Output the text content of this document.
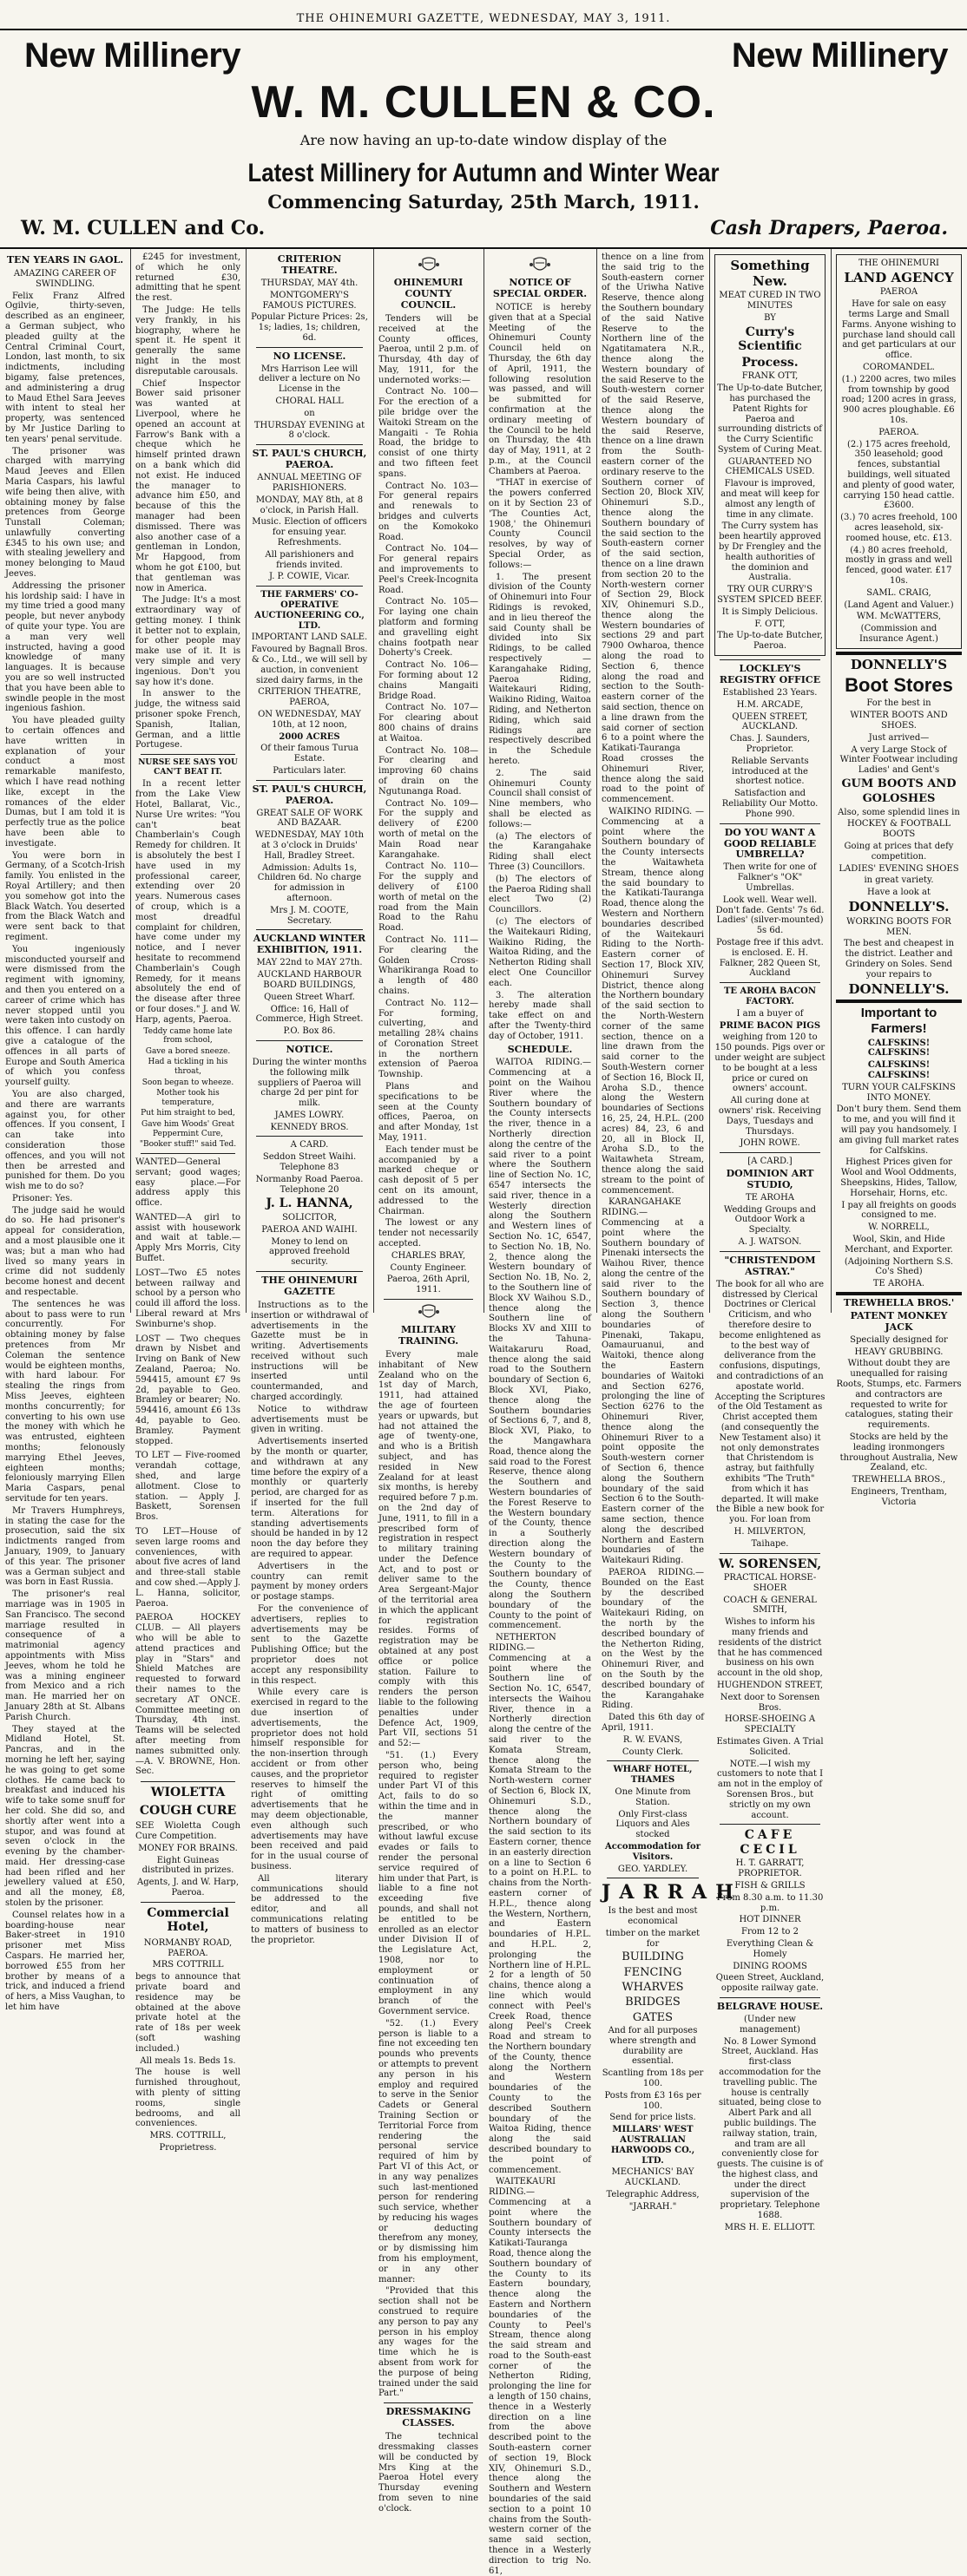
THE OHINEMURI GAZETTE, WEDNESDAY, MAY 3, 1911.
New Millinery	New Millinery
W. M. CULLEN & CO.
Are now having an up-to-date window display of the
Latest Millinery for Autumn and Winter Wear
Commencing Saturday, 25th March, 1911.
W. M. CULLEN and Co.	Cash Drapers, Paeroa.
TEN YEARS IN GAOL.
AMAZING CAREER OF SWINDLING.
Felix Franz Alfred Ogilvie, thirty-seven, described as an engineer, a German subject, who pleaded guilty at the Central Criminal Court, London, last month, to six indictments, including bigamy, false pretences, and administering a drug to Maud Ethel Sara Jeeves with intent to steal her property, was sentenced by Mr Justice Darling to ten years' penal servitude.
The prisoner was charged with marrying Maud Jeeves and Ellen Maria Caspars, his lawful wife being then alive, with obtaining money by false pretences from George Tunstall Coleman; unlawfully converting £345 to his own use; and with stealing jewellery and money belonging to Maud Jeeves.
Addressing the prisoner his lordship said: I have in my time tried a good many people, but never anybody of quite your type. You are a man very well instructed, having a good knowledge of many languages. It is because you are so well instructed that you have been able to swindle people in the most ingenious fashion.
You have pleaded guilty to certain offences and have written in explanation of your conduct a most remarkable manifesto, which I have read nothing like, except in the romances of the elder Dumas, but I am told it is perfectly true as the police have been able to investigate.
You were born in Germany, of a Scotch-Irish family. You enlisted in the Royal Artillery; and then you somehow got into the Black Watch. You deserted from the Black Watch and were sent back to that regiment.
You ingeniously misconducted yourself and were dismissed from the regiment with ignominy, and then you entered on a career of crime which has never stopped until you were taken into custody on this offence. I can hardly give a catalogue of the offences in all parts of Europe and South America of which you confess yourself guilty.
You are also charged, and there are warrants against you, for other offences. If you consent, I can take into consideration those offences, and you will not then be arrested and punished for them. Do you wish me to do so?
Prisoner: Yes.
The judge said he would do so. He had prisoner's appeal for consideration, and a most plausible one it was; but a man who had lived so many years in crime did not suddenly become honest and decent and respectable.
The sentences he was about to pass were to run concurrently. For obtaining money by false pretences from Mr Coleman the sentence would be eighteen months, with hard labour. For stealing the rings from Miss Jeeves, eighteen months concurrently; for converting to his own use the money with which he was entrusted, eighteen months; felonously marrying Ethel Jeeves, eighteen months; feloniously marrying Ellen Maria Caspars, penal servitude for ten years.
Mr Travers Humphreys, in stating the case for the prosecution, said the six indictments ranged from January, 1909, to January of this year. The prisoner was a German subject and was born in East Russia.
The prisoner's real marriage was in 1905 in San Francisco. The second marriage resulted in consequence of a matrimonial agency appointments with Miss Jeeves, whom he told he was a mining engineer from Mexico and a rich man. He married her on January 28th at St. Albans Parish Church.
They stayed at the Midland Hotel, St. Pancras, and in the morning he left her, saying he was going to get some clothes. He came back to breakfast and induced his wife to take some snuff for her cold. She did so, and shortly after went into a stupor, and was found at seven o'clock in the evening by the chamber-maid. Her dressing-case had been rifled and her jewellery valued at £50, and all the money, £8, stolen by the prisoner.
Counsel relates how in a boarding-house near Baker-street in 1910 prisoner met Miss Caspars. He married her, borrowed £55 from her brother by means of a trick, and induced a friend of hers, a Miss Vaughan, to let him have
£245 for investment, of which he only returned £30, admitting that he spent the rest.
The Judge: He tells very frankly, in his biography, where he spent it. He spent it generally the same night in the most disreputable carousals.
Chief Inspector Bower said prisoner was wanted at Liverpool, where he opened an account at Farrow's Bank with a cheque which he himself printed drawn on a bank which did not exist. He induced the manager to advance him £50, and because of this the manager had been dismissed. There was also another case of a gentleman in London, Mr Hapgood, from whom he got £100, but that gentleman was now in America.
The Judge: It's a most extraordinary way of getting money. I think it better not to explain, for other people may make use of it. It is very simple and very ingenious. Don't you say how it's done.
In answer to the judge, the witness said prisoner spoke French, Spanish, Italian, German, and a little Portugese.
NURSE SEE SAYS YOU CAN'T BEAT IT.
In a recent letter from the Lake View Hotel, Ballarat, Vic., Nurse Ure writes: "You can't beat Chamberlain's Cough Remedy for children. It is absolutely the best I have used in my professional career, extending over 20 years. Numerous cases of croup, which is a most dreadful complaint for children, have come under my notice, and I never hesitate to recommend Chamberlain's Cough Remedy, for it means absolutely the end of the disease after three or four doses." J. and W. Harp, agents, Paeroa.
Teddy came home late from school,
Gave a bored sneeze.
Had a tickling in his throat,
Soon began to wheeze.
Mother took his temperature,
Put him straight to bed,
Gave him Woods' Great Peppermint Cure,
"Booker stuff!" said Ted.
WANTED—General servant; good wages; easy place.—For address apply this office.
WANTED—A girl to assist with housework and wait at table.—Apply Mrs Morris, City Buffet.
LOST—Two £5 notes between railway and school by a person who could ill afford the loss. Liberal reward at Mrs Swinburne's shop.
LOST — Two cheques drawn by Nisbet and Irving on Bank of New Zealand, Paeroa; No. 594415, amount £7 9s 2d, payable to Geo. Bramley or bearer; No. 594416, amount £6 13s 4d, payable to Geo. Bramley. Payment stopped.
TO LET — Five-roomed verandah cottage, shed, and large allotment. Close to station. — Apply J. Baskett, Sorensen Bros.
TO LET—House of seven large rooms and conveniences, with about five acres of land and three-stall stable and cow shed.—Apply J. L. Hanna, solicitor, Paeroa.
PAEROA HOCKEY CLUB. — All players who will be able to attend practices and play in "Stars" and Shield Matches are requested to forward their names to the secretary AT ONCE. Committee meeting on Thursday, 4th inst. Teams will be selected after meeting from names submitted only.—A. V. BROWNE, Hon. Sec.
WIOLETTA
COUGH CURE
SEE Wioletta Cough Cure Competition.
MONEY FOR BRAINS.
Eight Guineas distributed in prizes.
Agents, J. and W. Harp, Paeroa.
Commercial Hotel,
NORMANBY ROAD, PAEROA.
MRS COTTRILL
begs to announce that private board and residence may be obtained at the above private hotel at the rate of 18s per week (soft washing included.)
All meals 1s. Beds 1s.
The house is well furnished throughout, with plenty of sitting rooms, single bedrooms, and all conveniences.
MRS. COTTRILL,
Proprietress.
CRITERION THEATRE.
THURSDAY, MAY 4th.
MONTGOMERY'S FAMOUS PICTURES.
Popular Picture Prices: 2s, 1s; ladies, 1s; children, 6d.
NO LICENSE.
Mrs Harrison Lee will deliver a lecture on No License in the
CHORAL HALL
on
THURSDAY EVENING at 8 o'clock.
ST. PAUL'S CHURCH, PAEROA.
ANNUAL MEETING OF PARISHIONERS.
MONDAY, MAY 8th, at 8 o'clock, in Parish Hall.
Music. Election of officers for ensuing year. Refreshments.
All parishioners and friends invited.
J. P. COWIE, Vicar.
THE FARMERS' CO-OPERATIVE AUCTIONEERING CO., LTD.
IMPORTANT LAND SALE.
Favoured by Bagnall Bros. & Co., Ltd., we will sell by auction, in convenient sized dairy farms, in the
CRITERION THEATRE, PAEROA,
ON WEDNESDAY, MAY 10th, at 12 noon,
2000 ACRES
Of their famous Turua Estate.
Particulars later.
ST. PAUL'S CHURCH, PAEROA.
GREAT SALE OF WORK AND BAZAAR.
WEDNESDAY, MAY 10th at 3 o'clock in Druids' Hall, Bradley Street.
Admission: Adults 1s, Children 6d. No charge for admission in afternoon.
Mrs J. M. COOTE, Secretary.
AUCKLAND WINTER EXHIBITION, 1911.
MAY 22nd to MAY 27th.
AUCKLAND HARBOUR BOARD BUILDINGS,
Queen Street Wharf.
Office: 16, Hall of Commerce, High Street.
P.O. Box 86.
NOTICE.
During the winter months the following milk suppliers of Paeroa will charge 2d per pint for milk.
JAMES LOWRY.
KENNEDY BROS.
A CARD.
Seddon Street Waihi. Telephone 83
Normanby Road Paeroa. Telephone 20
J. L. HANNA,
SOLICITOR,
PAEROA AND WAIHI.
Money to lend on approved freehold security.
THE OHINEMURI GAZETTE
Instructions as to the insertion or withdrawal of advertisements in the Gazette must be in writing. Advertisements received without such instructions will be inserted until countermanded, and charged accordingly.
Notice to withdraw advertisements must be given in writing.
Advertisements inserted by the month or quarter, and withdrawn at any time before the expiry of a monthly or quarterly period, are charged for as if inserted for the full term. Alterations for standing advertisements should be handed in by 12 noon the day before they are required to appear.
Advertisers in the country can remit payment by money orders or postage stamps.
For the convenience of advertisers, replies to advertisements may be sent to the Gazette Publishing Office; but the proprietor does not accept any responsibility in this respect.
While every care is exercised in regard to the due insertion of advertisements, the proprietor does not hold himself responsible for the non-insertion through accident or from other causes, and the proprietor reserves to himself the right of omitting advertisements that he may deem objectionable, even although such advertisements may have been received and paid for in the usual course of business.
All literary communications should be addressed to the editor, and all communications relating to matters of business to the proprietor.
OHINEMURI COUNTY COUNCIL.
Tenders will be received at the County offices, Paeroa, until 2 p.m. of Thursday, 4th day of May, 1911, for the undernoted works:—
Contract No. 100—For the erection of a pile bridge over the Waitoki Stream on the Mangaiti - Te Rohia Road, the bridge to consist of one thirty and two fifteen feet spans.
Contract No. 103—For general repairs and renewals to bridges and culverts on the Komokoko Road.
Contract No. 104—For general repairs and improvements to Peel's Creek-Incognita Road.
Contract No. 105—For laying one chain platform and forming and gravelling eight chains footpath near Doherty's Creek.
Contract No. 106—For forming about 12 chains Mangaiti Bridge Road.
Contract No. 107—For clearing about 800 chains of drains at Waitoa.
Contract No. 108—For clearing and improving 60 chains of drain on the Ngutunanga Road.
Contract No. 109—For the supply and delivery of £200 worth of metal on the Main Road near Karangahake.
Contract No. 110—For the supply and delivery of £100 worth of metal on the road from the Main Road to the Rahu Road.
Contract No. 111—For clearing the Golden Cross-Wharikiranga Road to a length of 480 chains.
Contract No. 112—For forming, culverting, and metalling 28¾ chains of Coronation Street in the northern extension of Paeroa Township.
Plans and specifications to be seen at the County offices, Paeroa, on and after Monday, 1st May, 1911.
Each tender must be accompanied by a marked cheque or cash deposit of 5 per cent on its amount, addressed to the Chairman.
The lowest or any tender not necessarily accepted.
CHARLES BRAY,
County Engineer.
Paeroa, 26th April, 1911.
MILITARY TRAINING.
Every male inhabitant of New Zealand who on the 1st day of March, 1911, had attained the age of fourteen years or upwards, but had not attained the age of twenty-one, and who is a British subject, and has resided in New Zealand for at least six months, is hereby required before 7 p.m. on the 2nd day of June, 1911, to fill in a prescribed form of registration in respect to military training under the Defence Act, and to post or deliver same to the Area Sergeant-Major of the territorial area in which the applicant for registration resides. Forms of registration may be obtained at any post office or police station. Failure to comply with this renders the person liable to the following penalties under Defence Act, 1909, Part VII, sections 51 and 52:—
"51. (1.) Every person who, being required to register under Part VI of this Act, fails to do so within the time and in the manner prescribed, or who without lawful excuse evades or fails to render the personal service required of him under that Part, is liable to a fine not exceeding five pounds, and shall not be entitled to be enrolled as an elector under Division II of the Legislature Act, 1908, nor to employment or continuation of employment in any branch of the Government service.
"52. (1.) Every person is liable to a fine not exceeding ten pounds who prevents or attempts to prevent any person in his employ and required to serve in the Senior Cadets or General Training Section or Territorial Force from rendering the personal service required of him by Part VI of this Act, or in any way penalizes such last-mentioned person for rendering such service, whether by reducing his wages or deducting therefrom any money, or by dismissing him from his employment, or in any other manner:
"Provided that this section shall not be construed to require any person to pay any person in his employ any wages for the time which he is absent from work for the purpose of being trained under the said Part."
DRESSMAKING CLASSES.
The technical dressmaking classes will be conducted by Mrs King at the Paeroa Hotel every Thursday evening from seven to nine o'clock.
NOTICE OF SPECIAL ORDER.
NOTICE is hereby given that at a Special Meeting of the Ohinemuri County Council held on Thursday, the 6th day of April, 1911, the following resolution was passed, and will be submitted for confirmation at the ordinary meeting of the Council to be held on Thursday, the 4th day of May, 1911, at 2 p.m., at the Council Chambers at Paeroa.
"THAT in exercise of the powers conferred on it by Section 23 of 'The Counties Act, 1908,' the Ohinemuri County Council resolves, by way of Special Order, as follows:—
1. The present division of the County of Ohinemuri into Four Ridings is revoked, and in lieu thereof the said County shall be divided into Six Ridings, to be called respectively — Karangahake Riding, Paeroa Riding, Waitekauri Riding, Waikino Riding, Waitoa Riding, and Netherton Riding, which said Ridings are respectively described in the Schedule hereto.
2. The said Ohinemuri County Council shall consist of Nine members, who shall be elected as follows:—
(a) The electors of the Karangahake Riding shall elect Three (3) Councillors.
(b) The electors of the Paeroa Riding shall elect Two (2) Councillors.
(c) The electors of the Waitekauri Riding, Waikino Riding, the Waitoa Riding, and the Netherton Riding shall elect One Councillor each.
3. The alteration hereby made shall take effect on and after the Twenty-third day of October, 1911.
SCHEDULE.
WAITOA RIDING.—Commencing at a point on the Waihou River where the Southern boundary of the County intersects the river, thence in a Northerly direction along the centre of the said river to a point where the Southern line of Section No. 1C, 6547 intersects the said river, thence in a Westerly direction along the Southern and Western lines of Section No. 1C, 6547, to Section No. 1B, No. 2, thence along the Western boundary of Section No. 1B, No. 2, to the Southern line of Block XV Waihou S.D., thence along the Southern line of Blocks XV and XIII to the Tahuna-Waitakaruru Road, thence along the said road to the Southern boundary of Section 6, Block XVI, Piako, thence along the Southern boundaries of Sections 6, 7, and 8, Block XVI, Piako, to the Mangawhara Road, thence along the said road to the Forest Reserve, thence along the Southern and Western boundaries of the Forest Reserve to the Western boundary of the County, thence in a Southerly direction along the Western boundary of the County to the Southern boundary of the County, thence along the Southern boundary of the County to the point of commencement.
NETHERTON RIDING.—Commencing at a point where the Southern line of Section No. 1C, 6547, intersects the Waihou River, thence in a Northerly direction along the centre of the said river to the Komata Stream, thence along the Komata Stream to the North-western corner of Section 6, Block IX, Ohinemuri S.D., thence along the Northern boundary of the said section to its Eastern corner, thence in an easterly direction on a line to Section 6 to a point on H.P.L. to chains from the North-eastern corner of H.P.L., thence along the Western, Northern, and Eastern boundaries of H.P.L. and H.P.L. 2, prolonging the Northern line of H.P.L. 2 for a length of 50 chains, thence along a line which would connect with Peel's Creek Road, thence along Peel's Creek Road and stream to the Northern boundary of the County, thence along the Northern and Western boundaries of the County to the described Southern boundary of the Waitoa Riding, thence along the said described boundary to the point of commencement.
WAITEKAURI RIDING.—Commencing at a point where the Southern boundary of County intersects the Katikati-Tauranga Road, thence along the Southern boundary of the County to its Eastern boundary, thence along the Eastern and Northern boundaries of the County to Peel's Stream, thence along the said stream and road to the South-east corner of the Netherton Riding, prolonging the line for a length of 150 chains, thence in a Westerly direction on a line from the above described point to the South-eastern corner of section 19, Block XIV, Ohinemuri S.D., thence along the Southern and Western boundaries of the said section to a point 10 chains from the South-western corner of the same said section, thence in a Westerly direction to trig No. 61,
thence on a line from the said trig to the South-eastern corner of the Uriwha Native Reserve, thence along the Southern boundary of the said Native Reserve to the Northern line of the Ngatitamatera N.R., thence along the Western boundary of the said Reserve to the South-western corner of the said Reserve, thence along the Western boundary of the said Reserve, thence on a line drawn from the South-eastern corner of the ordinary reserve to the Southern corner of Section 20, Block XIV, Ohinemuri S.D., thence along the Southern boundary of the said section to the South-eastern corner of the said section, thence on a line drawn from section 20 to the North-western corner of Section 29, Block XIV, Ohinemuri S.D., thence along the Western boundaries of sections 29 and part 7900 Owharoa, thence along the road to Section 6, thence along the road and section to the South-eastern corner of the said section, thence on a line drawn from the said corner of section 6 to a point where the Katikati-Tauranga Road crosses the Ohinemuri River, thence along the said road to the point of commencement.
WAIKINO RIDING. — Commencing at a point where the Southern boundary of the County intersects the Waitawheta Stream, thence along the said boundary to the Katikati-Tauranga Road, thence along the Western and Northern boundaries described of the Waitekauri Riding to the North-Eastern corner of Section 17, Block XIV, Ohinemuri Survey District, thence along the Northern boundary of the said section to the North-Western corner of the same section, thence on a line drawn from the said corner to the South-Western corner of Section 16, Block II, Aroha S.D., thence along the Western boundaries of Sections 16, 25, 24, H.P.L. (200 acres) 84, 23, 6 and 20, all in Block II, Aroha S.D., to the Waitawheta Stream, thence along the said stream to the point of commencement.
KARANGAHAKE RIDING.—Commencing at a point where the Southern boundary of Pinenaki intersects the Waihou River, thence along the centre of the said river to the Southern boundary of Section 3, thence along the Southern boundaries of Pinenaki, Takapu, Oamauruanui, and Waitoki, thence along the Eastern boundaries of Waitoki and Section 6276, prolonging the line of Section 6276 to the Ohinemuri River, thence along the Ohinemuri River to a point opposite the South-western corner of Section 6, thence along the Southern boundary of the said Section 6 to the South-Eastern corner of the same section, thence along the described Northern and Eastern boundaries of the Waitekauri Riding.
PAEROA RIDING.—Bounded on the East by the described boundary of the Waitekauri Riding, on the north by the described boundary of the Netherton Riding, on the West by the Ohinemuri River, and on the South by the described boundary of the Karangahake Riding.
Dated this 6th day of April, 1911.
R. W. EVANS,
County Clerk.
WHARF HOTEL, THAMES
One Minute from Station.
Only First-class Liquors and Ales stocked
Accommodation for Visitors.
GEO. YARDLEY.
JARRAH
Is the best and most economical
timber on the market for
BUILDING
FENCING
WHARVES
BRIDGES
GATES
And for all purposes where strength and durability are essential.
Scantling from 18s per 100.
Posts from £3 16s per 100.
Send for price lists.
MILLARS' WEST AUSTRALIAN HARWOODS CO., LTD.
MECHANICS' BAY AUCKLAND.
Telegraphic Address,
"JARRAH."
Something New.
MEAT CURED IN TWO MINUTES
BY
Curry's Scientific
Process.
FRANK OTT,
The Up-to-date Butcher, has purchased the Patent Rights for Paeroa and surrounding districts of the Curry Scientific System of Curing Meat.
GUARANTEED NO CHEMICALS USED.
Flavour is improved, and meat will keep for almost any length of time in any climate.
The Curry system has been heartily approved by Dr Frengley and the health authorities of the dominion and Australia.
TRY OUR CURRY'S SYSTEM SPICED BEEF.
It is Simply Delicious.
F. OTT,
The Up-to-date Butcher, Paeroa.
LOCKLEY'S REGISTRY OFFICE
Established 23 Years.
H.M. ARCADE,
QUEEN STREET, AUCKLAND.
Chas. J. Saunders, Proprietor.
Reliable Servants introduced at the shortest notice.
Satisfaction and Reliability Our Motto. Phone 990.
DO YOU WANT A GOOD RELIABLE UMBRELLA?
Then write for one of Falkner's "OK" Umbrellas.
Look well. Wear well. Don't fade. Gents' 7s 6d. Ladies' (silver-mounted) 5s 6d.
Postage free if this advt. is enclosed. E. H. Falkner, 282 Queen St, Auckland
TE AROHA BACON FACTORY.
I am a buyer of
PRIME BACON PIGS
weighing from 120 to 150 pounds. Pigs over or under weight are subject to be bought at a less price or cured on owners' account.
All curing done at owners' risk. Receiving Days, Tuesdays and Thursdays.
JOHN ROWE.
[A CARD.]
DOMINION ART STUDIO,
TE AROHA
Wedding Groups and Outdoor Work a Specialty.
A. J. WATSON.
"CHRISTENDOM ASTRAY."
The book for all who are distressed by Clerical Doctrines or Clerical Criticism, and who therefore desire to become enlightened as to the best way of deliverance from the confusions, disputings, and contradictions of an apostate world. Accepting the Scriptures of the Old Testament as Christ accepted them (and consequently the New Testament also) it not only demonstrates that Christendom is astray, but faithfully exhibits "The Truth" from which it has departed. It will make the Bible a new book for you. For loan from
H. MILVERTON,
Taihape.
W. SORENSEN,
PRACTICAL HORSE-SHOER
COACH & GENERAL SMITH,
Wishes to inform his many friends and residents of the district that he has commenced business on his own account in the old shop,
HUGHENDON STREET,
Next door to Sorensen Bros.
HORSE-SHOEING A SPECIALTY
Estimates Given. A Trial Solicited.
NOTE.—I wish my customers to note that I am not in the employ of Sorensen Bros., but strictly on my own account.
CAFE CECIL
H. T. GARRATT, PROPRIETOR.
FISH & GRILLS
From 8.30 a.m. to 11.30 p.m.
HOT DINNER
From 12 to 2
Everything Clean & Homely
DINING ROOMS
Queen Street, Auckland, opposite railway gate.
BELGRAVE HOUSE.
(Under new management)
No. 8 Lower Symond Street, Auckland. Has first-class accommodation for the travelling public. The house is centrally situated, being close to Albert Park and all public buildings. The railway station, train, and tram are all conveniently close for guests. The cuisine is of the highest class, and under the direct supervision of the proprietary. Telephone 1688.
MRS H. E. ELLIOTT.
THE OHINEMURI
LAND AGENCY
PAEROA
Have for sale on easy terms Large and Small Farms. Anyone wishing to purchase land should call and get particulars at our office.
COROMANDEL.
(1.) 2200 acres, two miles from township by good road; 1200 acres in grass, 900 acres ploughable. £6 10s.
PAEROA.
(2.) 175 acres freehold, 350 leasehold; good fences, substantial buildings, well situated and plenty of good water, carrying 150 head cattle. £3600.
(3.) 70 acres freehold, 100 acres leasehold, six-roomed house, etc. £13.
(4.) 80 acres freehold, mostly in grass and well fenced, good water. £17 10s.
SAML. CRAIG,
(Land Agent and Valuer.)
WM. McWATTERS,
(Commission and Insurance Agent.)
DONNELLY'S
Boot Stores
For the best in
WINTER BOOTS AND SHOES.
Just arrived—
A very Large Stock of Winter Footwear including Ladies' and Gent's
GUM BOOTS AND
GOLOSHES
Also, some splendid lines in
HOCKEY & FOOTBALL BOOTS
Going at prices that defy competition.
LADIES' EVENING SHOES
in great variety.
Have a look at
DONNELLY'S.
WORKING BOOTS FOR MEN.
The best and cheapest in the district. Leather and Grindery on Soles. Send your repairs to
DONNELLY'S.
Important to Farmers!
CALFSKINS! CALFSKINS!
CALFSKINS! CALFSKINS!
TURN YOUR CALFSKINS INTO MONEY.
Don't bury them. Send them to me, and you will find it will pay you handsomely. I am giving full market rates for Calfskins.
Highest Prices given for Wool and Wool Oddments, Sheepskins, Hides, Tallow, Horsehair, Horns, etc.
I pay all freights on goods consigned to me.
W. NORRELL,
Wool, Skin, and Hide Merchant, and Exporter.
(Adjoining Northern S.S. Co's Shed)
TE AROHA.
TREWHELLA BROS.'
PATENT MONKEY JACK
Specially designed for
HEAVY GRUBBING.
Without doubt they are unequalled for raising Roots, Stumps, etc. Farmers and contractors are requested to write for catalogues, stating their requirements.
Stocks are held by the leading ironmongers throughout Australia, New Zealand, etc.
TREWHELLA BROS.,
Engineers, Trentham, Victoria
